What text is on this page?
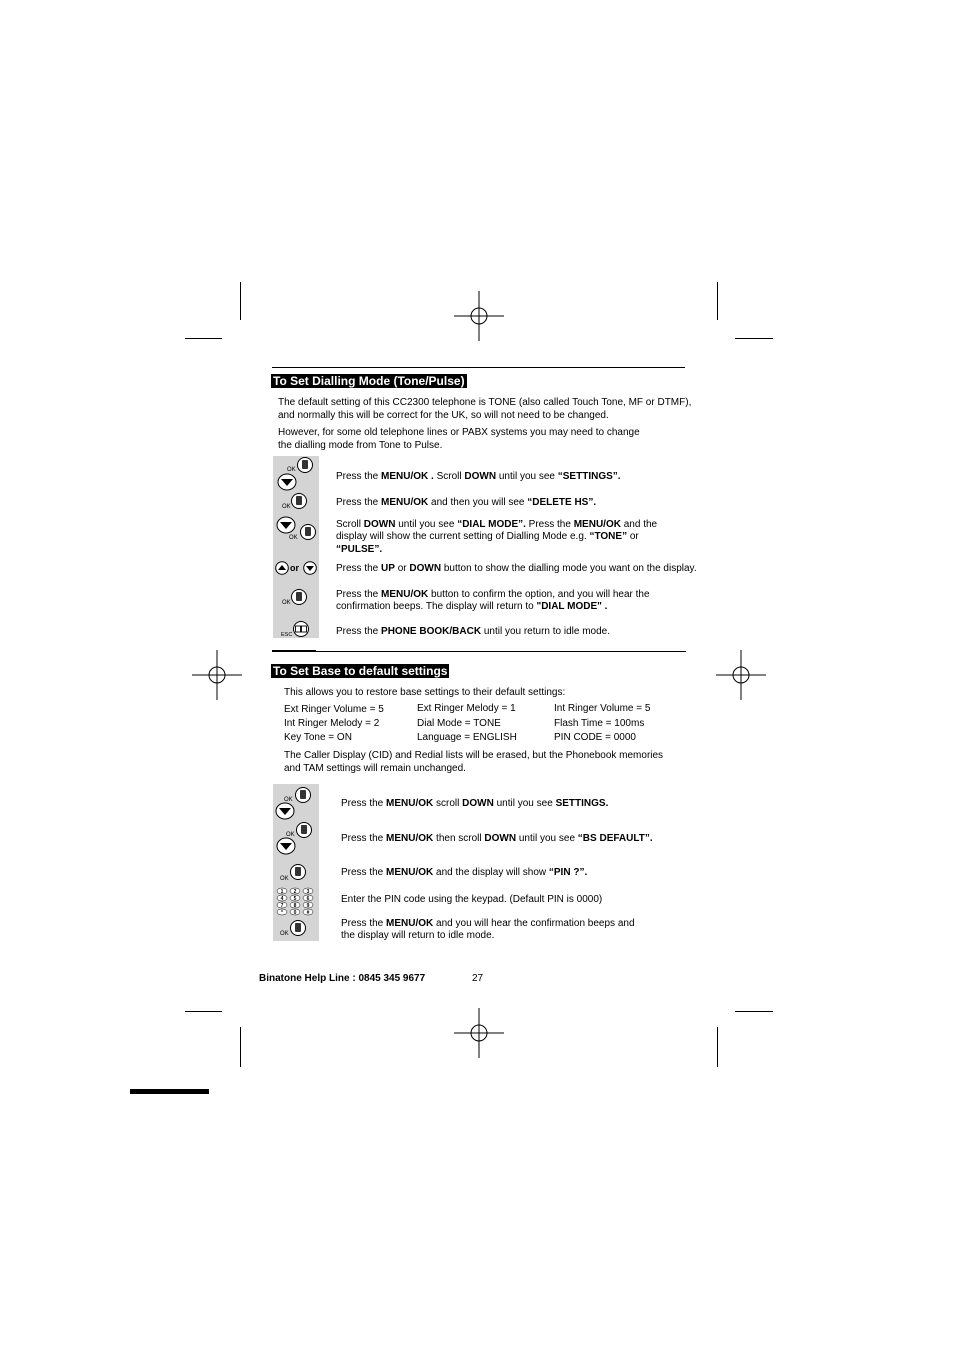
To Set Dialling Mode (Tone/Pulse)
The default setting of this CC2300 telephone is TONE (also called Touch Tone, MF or DTMF),
and normally this will be correct for the UK, so will not need to be changed.
However, for some old telephone lines or PABX systems you may need to change
the dialling mode from Tone to Pulse.
OK
Press the MENU/OK . Scroll DOWN until you see “SETTINGS”.
OK	Press the MENU/OK and then you will see “DELETE HS”.
OK
Scroll DOWN until you see “DIAL MODE”. Press the MENU/OK and the
display will show the current setting of Dialling Mode e.g. “TONE” or
“PULSE”.
or	Press the UP or DOWN button to show the dialling mode you want on the display.
OK
Press the MENU/OK button to confirm the option, and you will hear the
confirmation beeps. The display will return to "DIAL MODE" .
ESC	Press the PHONE BOOK/BACK until you return to idle mode.
To Set Base to default settings
This allows you to restore base settings to their default settings:
Ext Ringer Volume = 5	Ext Ringer Melody = 1	Int Ringer Volume = 5
Int Ringer Melody = 2	Dial Mode = TONE	Flash Time = 100ms
Key Tone = ON	Language = ENGLISH	PIN CODE = 0000
The Caller Display (CID) and Redial lists will be erased, but the Phonebook memories
and TAM settings will remain unchanged.
OK	Press the MENU/OK scroll DOWN until you see SETTINGS.
OK	Press the MENU/OK then scroll DOWN until you see “BS DEFAULT”.
OK
Press the MENU/OK and the display will show “PIN ?”.
1 2 3
4 5 6
7 8 9
* 0 #
Enter the PIN code using the keypad. (Default PIN is 0000)
OK
Press the MENU/OK and you will hear the confirmation beeps and
the display will return to idle mode.
Binatone Help Line : 0845 345 9677	27
